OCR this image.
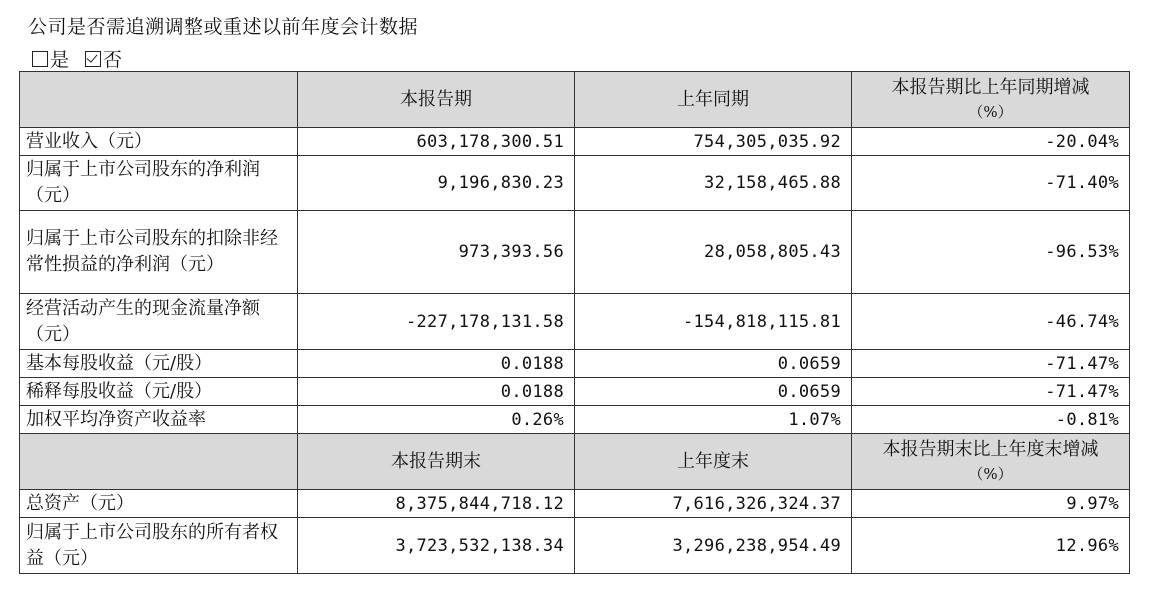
公司是否需追溯调整或重述以前年度会计数据
是 否
	本报告期	上年同期	本报告期比上年同期增减
（%）

营业收入（元）	603,178,300.51	754,305,035.92	-20.04%
归属于上市公司股东的净利润（元）	9,196,830.23	32,158,465.88	-71.40%
归属于上市公司股东的扣除非经常性损益的净利润（元）	973,393.56	28,058,805.43	-96.53%
经营活动产生的现金流量净额（元）	-227,178,131.58	-154,818,115.81	-46.74%
基本每股收益（元/股）	0.0188	0.0659	-71.47%
稀释每股收益（元/股）	0.0188	0.0659	-71.47%
加权平均净资产收益率	0.26%	1.07%	-0.81%
	本报告期末	上年度末	本报告期末比上年度末增减
（%）

总资产（元）	8,375,844,718.12	7,616,326,324.37	9.97%
归属于上市公司股东的所有者权益（元）	3,723,532,138.34	3,296,238,954.49	12.96%
